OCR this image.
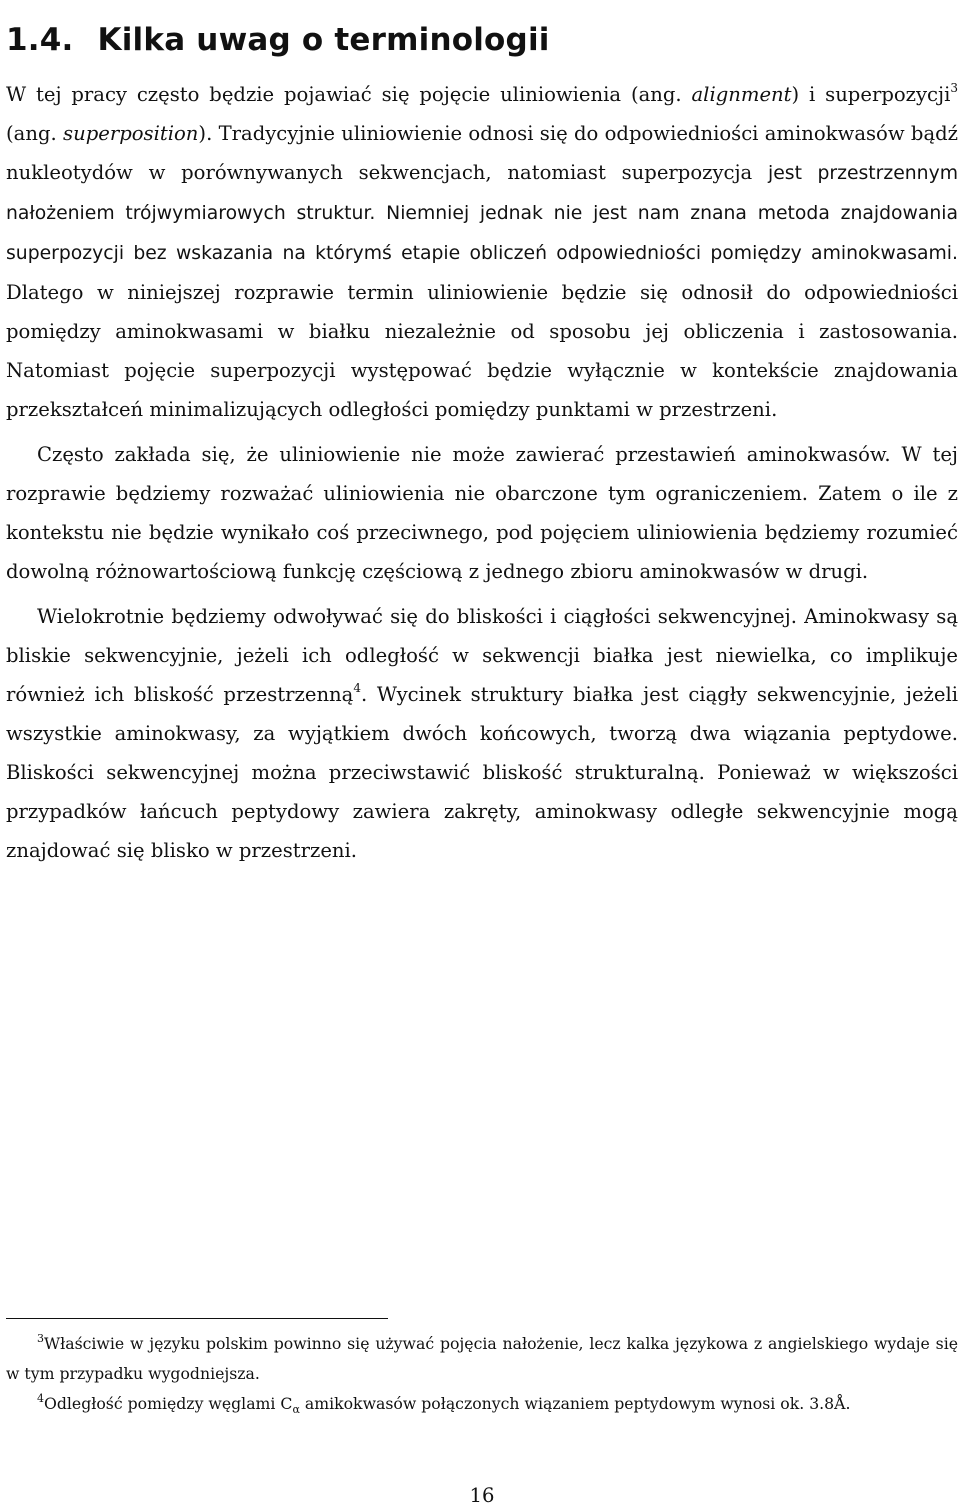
1.4. Kilka uwag o terminologii

W tej pracy często będzie pojawiać się pojęcie uliniowienia (ang. alignment) i superpozycji$^3$ (ang. superposition). Tradycyjnie uliniowienie odnosi się do odpowiedniości aminokwasów bądź nukleotydów w porównywanych sekwencjach, natomiast superpozycja jest przestrzennym nałożeniem trójwymiarowych struktur. Niemniej jednak nie jest nam znana metoda znajdowania superpozycji bez wskazania na którymś etapie obliczeń odpowiedniości pomiędzy aminokwasami. Dlatego w niniejszej rozprawie termin uliniowienie będzie się odnosił do odpowiedniości pomiędzy aminokwasami w białku niezależnie od sposobu jej obliczenia i zastosowania. Natomiast pojęcie superpozycji występować będzie wyłącznie w kontekście znajdowania przekształceń minimalizujących odległości pomiędzy punktami w przestrzeni.

Często zakłada się, że uliniowienie nie może zawierać przestawień aminokwasów. W tej rozprawie będziemy rozważać uliniowienia nie obarczone tym ograniczeniem. Zatem o ile z kontekstu nie będzie wynikało coś przeciwnego, pod pojęciem uliniowienia będziemy rozumieć dowolną różnowartościową funkcję częściową z jednego zbioru aminokwasów w drugi.

Wielokrotnie będziemy odwoływać się do bliskości i ciągłości sekwencyjnej. Aminokwasy są bliskie sekwencyjnie, jeżeli ich odległość w sekwencji białka jest niewielka, co implikuje również ich bliskość przestrzenną$^4$. Wycinek struktury białka jest ciągły sekwencyjnie, jeżeli wszystkie aminokwasy, za wyjątkiem dwóch końcowych, tworzą dwa wiązania peptydowe. Bliskości sekwencyjnej można przeciwstawić bliskość strukturalną. Ponieważ w większości przypadków łańcuch peptydowy zawiera zakręty, aminokwasy odległe sekwencyjnie mogą znajdować się blisko w przestrzeni.

$^3$Właściwie w języku polskim powinno się używać pojęcia nałożenie, lecz kalka językowa z angielskiego wydaje się w tym przypadku wygodniejsza.

$^4$Odległość pomiędzy węglami $C_\alpha$ amikokwasów połączonych wiązaniem peptydowym wynosi ok. 3.8Å.

16
